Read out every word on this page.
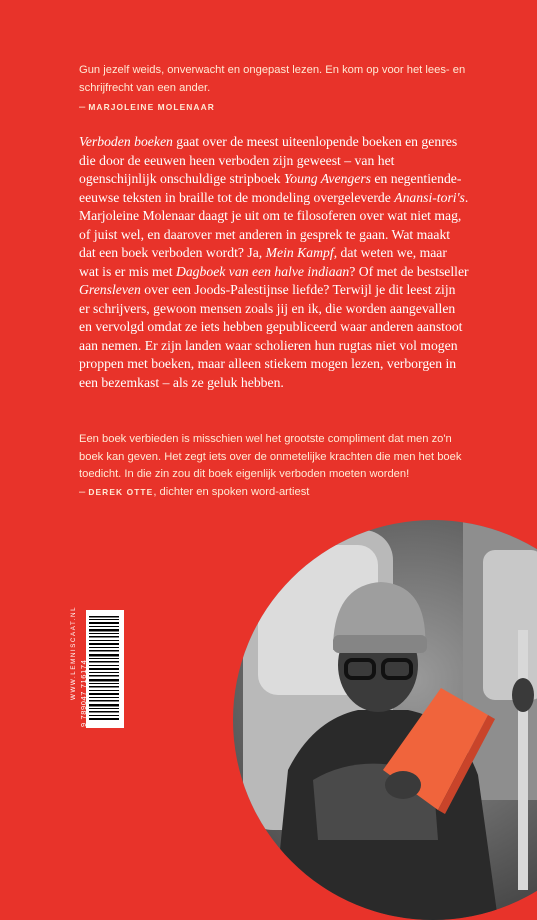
Gun jezelf weids, onverwacht en ongepast lezen. En kom op voor het lees- en schrijfrecht van een ander.
– MARJOLEINE MOLENAAR
Verboden boeken gaat over de meest uiteenlopende boeken en genres die door de eeuwen heen verboden zijn geweest – van het ogenschijnlijk onschuldige stripboek Young Avengers en negentiende-eeuwse teksten in braille tot de mondeling overgeleverde Anansi-tori's. Marjoleine Molenaar daagt je uit om te filosoferen over wat niet mag, of juist wel, en daarover met anderen in gesprek te gaan. Wat maakt dat een boek verboden wordt? Ja, Mein Kampf, dat weten we, maar wat is er mis met Dagboek van een halve indiaan? Of met de bestseller Grensleven over een Joods-Palestijnse liefde? Terwijl je dit leest zijn er schrijvers, gewoon mensen zoals jij en ik, die worden aangevallen en vervolgd omdat ze iets hebben gepubliceerd waar anderen aanstoot aan nemen. Er zijn landen waar scholieren hun rugtas niet vol mogen proppen met boeken, maar alleen stiekem mogen lezen, verborgen in een bezemkast – als ze geluk hebben.
Een boek verbieden is misschien wel het grootste compliment dat men zo'n boek kan geven. Het zegt iets over de onmetelijke krachten die men het boek toedicht. In die zin zou dit boek eigenlijk verboden moeten worden!
– DEREK OTTE, dichter en spoken word-artiest
WWW.LEMNISCAAT.NL 9 789047 716174
